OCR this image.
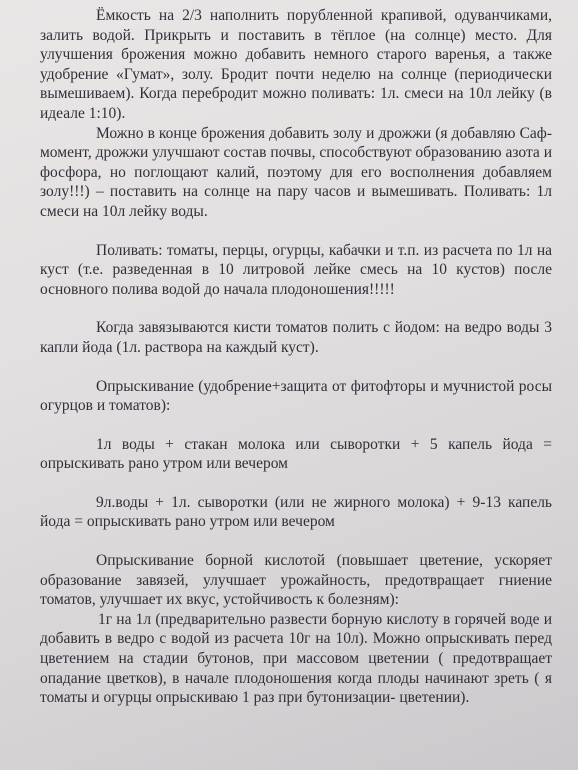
Ёмкость на 2/3 наполнить порубленной крапивой, одуванчиками, залить водой. Прикрыть и поставить в тёплое (на солнце) место. Для улучшения брожения можно добавить немного старого варенья, а также удобрение «Гумат», золу. Бродит почти неделю на солнце (периодически вымешиваем). Когда перебродит можно поливать: 1л. смеси на 10л лейку (в идеале 1:10).

Можно в конце брожения добавить золу и дрожжи (я добавляю Саф-момент, дрожжи улучшают состав почвы, способствуют образованию азота и фосфора, но поглощают калий, поэтому для его восполнения добавляем золу!!!) – поставить на солнце на пару часов и вымешивать. Поливать: 1л смеси на 10л лейку воды.

Поливать: томаты, перцы, огурцы, кабачки и т.п. из расчета по 1л на куст (т.е. разведенная в 10 литровой лейке смесь на 10 кустов) после основного полива водой до начала плодоношения!!!!!

Когда завязываются кисти томатов полить с йодом: на ведро воды 3 капли йода (1л. раствора на каждый куст).

Опрыскивание (удобрение+защита от фитофторы и мучнистой росы огурцов и томатов):

1л воды + стакан молока или сыворотки + 5 капель йода = опрыскивать рано утром или вечером

9л.воды + 1л. сыворотки (или не жирного молока) + 9-13 капель йода = опрыскивать рано утром или вечером

Опрыскивание борной кислотой (повышает цветение, ускоряет образование завязей, улучшает урожайность, предотвращает гниение томатов, улучшает их вкус, устойчивость к болезням):

1г на 1л (предварительно развести борную кислоту в горячей воде и добавить в ведро с водой из расчета 10г на 10л). Можно опрыскивать перед цветением на стадии бутонов, при массовом цветении ( предотвращает опадание цветков), в начале плодоношения когда плоды начинают зреть ( я томаты и огурцы опрыскиваю 1 раз при бутонизации- цветении).
